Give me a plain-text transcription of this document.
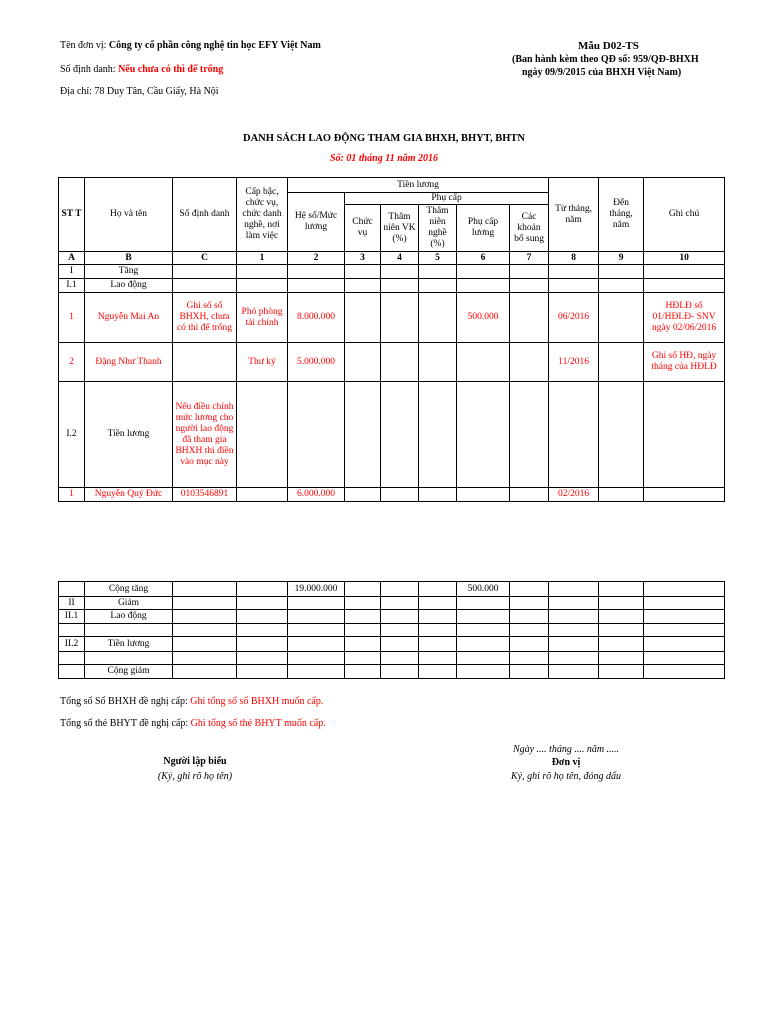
Tên đơn vị: Công ty cổ phần công nghệ tin học EFY Việt Nam
Số định danh: Nếu chưa có thì để trống
Địa chỉ: 78 Duy Tân, Cầu Giấy, Hà Nội
Mẫu D02-TS
(Ban hành kèm theo QĐ số: 959/QĐ-BHXH
ngày 09/9/2015 của BHXH Việt Nam)
DANH SÁCH LAO ĐỘNG THAM GIA BHXH, BHYT, BHTN
Số: 01 tháng 11 năm 2016
ST T	Họ và tên	Số định danh	Cấp bậc, chức vụ, chức danh nghề, nơi làm việc	Tiền lương						Từ tháng, năm	Đến tháng, năm	Ghi chú
				Hệ số/Mức lương	Phụ cấp							
					Chức vụ	Thâm niên VK (%)	Thâm niên nghề (%)	Phụ cấp lương	Các khoản bổ sung			
A	B	C	1	2	3	4	5	6	7	8	9	10
I	Tăng											
I.1	Lao động											
1	Nguyễn Mai An	Ghi số sổ BHXH, chưa có thì để trống	Phó phòng tài chính	8.000.000				500.000		06/2016		HĐLĐ số 01/HĐLĐ- SNV ngày 02/06/2016
2	Đặng Như Thanh		Thư ký	5.000.000						11/2016		Ghi số HĐ, ngày tháng của HĐLĐ
I.2	Tiền lương	Nếu điều chỉnh mức lương cho người lao động đã tham gia BHXH thì điền vào mục này										
1	Nguyễn Quý Đức	0103546891		6.000.000						02/2016		
	Cộng tăng			19.000.000				500.000				
II	Giảm											
II.1	Lao động											

II.2	Tiền lương											

	Cộng giảm											
Tổng số Sổ BHXH đề nghị cấp: Ghi tổng số sổ BHXH muốn cấp.
Tổng số thẻ BHYT đề nghị cấp: Ghi tổng số thẻ BHYT muốn cấp.
Ngày .... tháng .... năm .....
Người lập biểu
(Ký, ghi rõ họ tên)
Đơn vị
Ký, ghi rõ họ tên, đóng dấu
